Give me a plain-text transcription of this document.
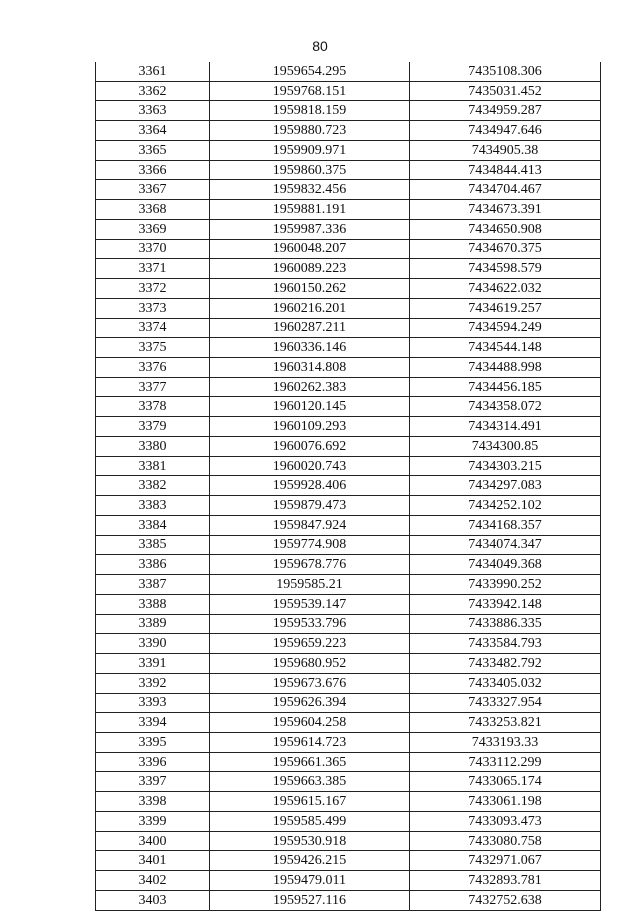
80
3361	1959654.295	7435108.306
3362	1959768.151	7435031.452
3363	1959818.159	7434959.287
3364	1959880.723	7434947.646
3365	1959909.971	7434905.38
3366	1959860.375	7434844.413
3367	1959832.456	7434704.467
3368	1959881.191	7434673.391
3369	1959987.336	7434650.908
3370	1960048.207	7434670.375
3371	1960089.223	7434598.579
3372	1960150.262	7434622.032
3373	1960216.201	7434619.257
3374	1960287.211	7434594.249
3375	1960336.146	7434544.148
3376	1960314.808	7434488.998
3377	1960262.383	7434456.185
3378	1960120.145	7434358.072
3379	1960109.293	7434314.491
3380	1960076.692	7434300.85
3381	1960020.743	7434303.215
3382	1959928.406	7434297.083
3383	1959879.473	7434252.102
3384	1959847.924	7434168.357
3385	1959774.908	7434074.347
3386	1959678.776	7434049.368
3387	1959585.21	7433990.252
3388	1959539.147	7433942.148
3389	1959533.796	7433886.335
3390	1959659.223	7433584.793
3391	1959680.952	7433482.792
3392	1959673.676	7433405.032
3393	1959626.394	7433327.954
3394	1959604.258	7433253.821
3395	1959614.723	7433193.33
3396	1959661.365	7433112.299
3397	1959663.385	7433065.174
3398	1959615.167	7433061.198
3399	1959585.499	7433093.473
3400	1959530.918	7433080.758
3401	1959426.215	7432971.067
3402	1959479.011	7432893.781
3403	1959527.116	7432752.638
